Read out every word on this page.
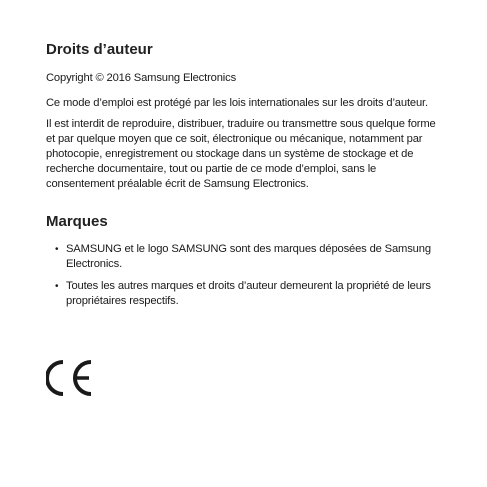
Droits d’auteur

Copyright © 2016 Samsung Electronics

Ce mode d’emploi est protégé par les lois internationales sur les droits d’auteur.

Il est interdit de reproduire, distribuer, traduire ou transmettre sous quelque forme et par quelque moyen que ce soit, électronique ou mécanique, notamment par photocopie, enregistrement ou stockage dans un système de stockage et de recherche documentaire, tout ou partie de ce mode d’emploi, sans le consentement préalable écrit de Samsung Electronics.

Marques
• SAMSUNG et le logo SAMSUNG sont des marques déposées de Samsung Electronics.
• Toutes les autres marques et droits d’auteur demeurent la propriété de leurs propriétaires respectifs.
